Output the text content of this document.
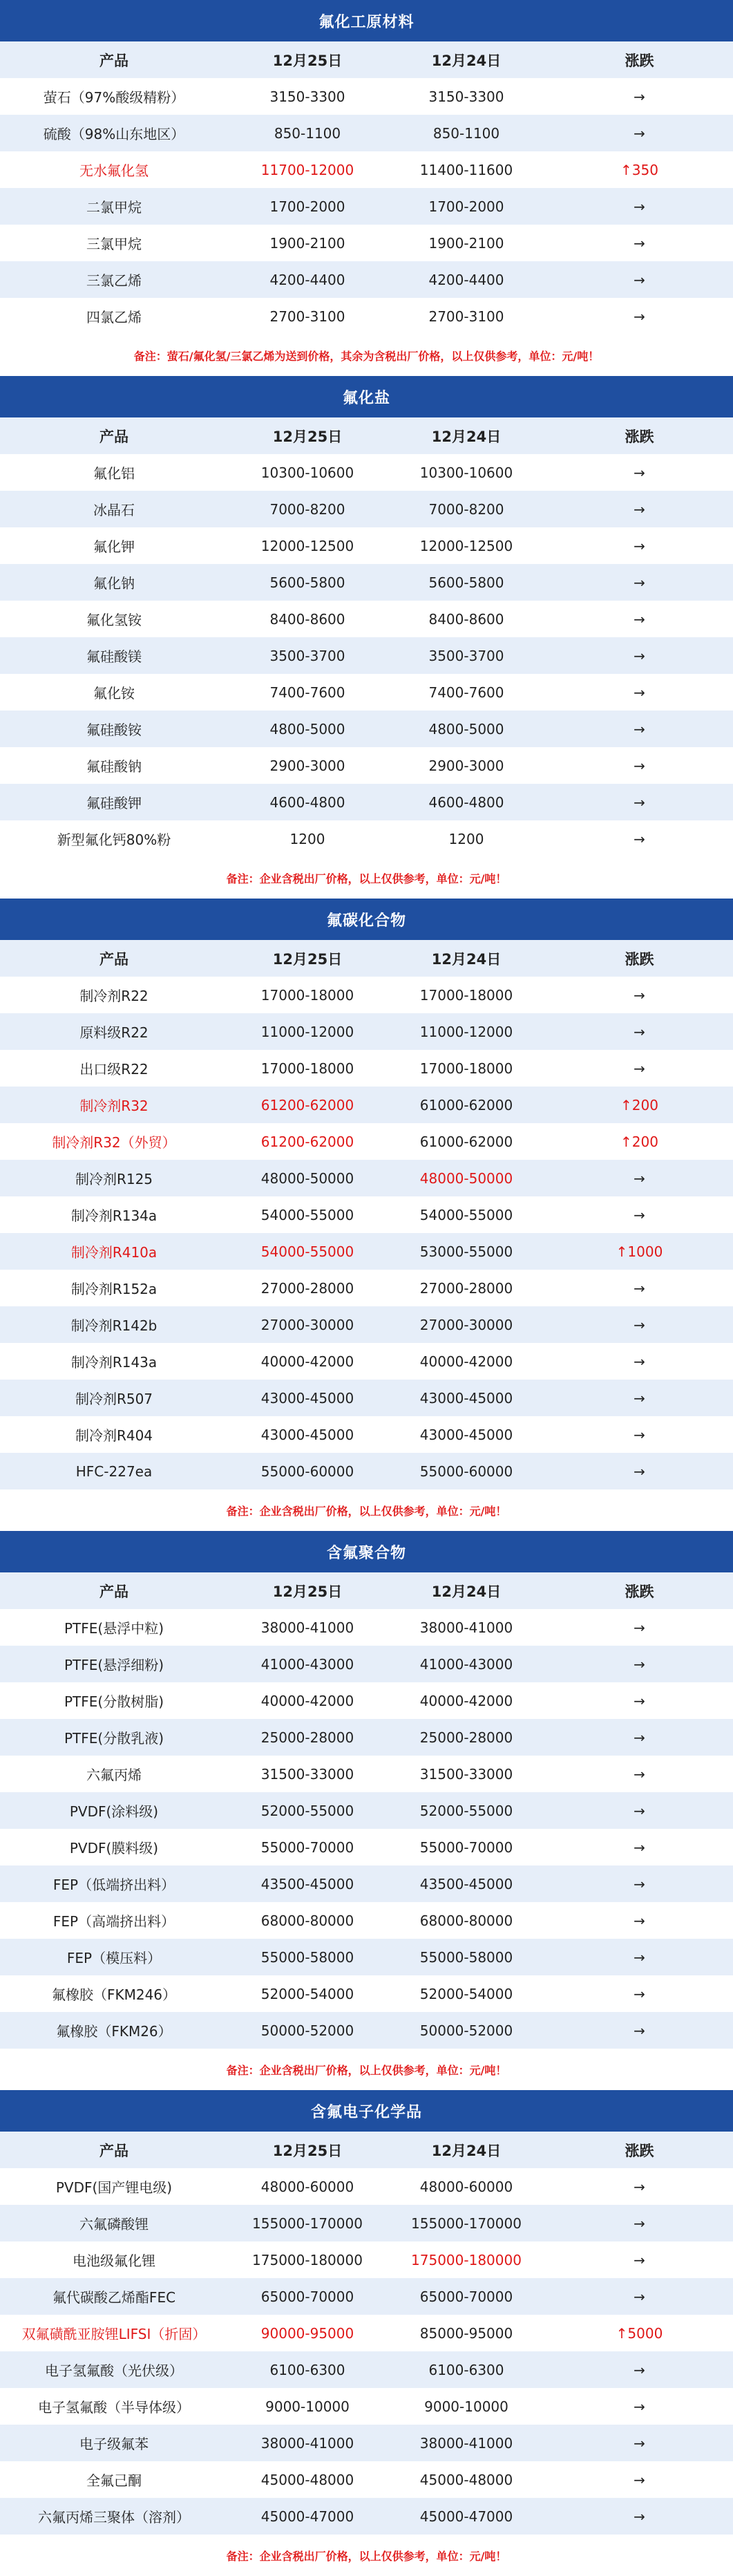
氟化工原材料
产品	12月25日	12月24日	涨跌
萤石（97%酸级精粉）	3150-3300	3150-3300	→
硫酸（98%山东地区）	850-1100	850-1100	→
无水氟化氢	11700-12000	11400-11600	↑350
二氯甲烷	1700-2000	1700-2000	→
三氯甲烷	1900-2100	1900-2100	→
三氯乙烯	4200-4400	4200-4400	→
四氯乙烯	2700-3100	2700-3100	→
备注：萤石/氟化氢/三氯乙烯为送到价格，其余为含税出厂价格，以上仅供参考，单位：元/吨！
氟化盐
产品	12月25日	12月24日	涨跌
氟化铝	10300-10600	10300-10600	→
冰晶石	7000-8200	7000-8200	→
氟化钾	12000-12500	12000-12500	→
氟化钠	5600-5800	5600-5800	→
氟化氢铵	8400-8600	8400-8600	→
氟硅酸镁	3500-3700	3500-3700	→
氟化铵	7400-7600	7400-7600	→
氟硅酸铵	4800-5000	4800-5000	→
氟硅酸钠	2900-3000	2900-3000	→
氟硅酸钾	4600-4800	4600-4800	→
新型氟化钙80%粉	1200	1200	→
备注：企业含税出厂价格，以上仅供参考，单位：元/吨！
氟碳化合物
产品	12月25日	12月24日	涨跌
制冷剂R22	17000-18000	17000-18000	→
原料级R22	11000-12000	11000-12000	→
出口级R22	17000-18000	17000-18000	→
制冷剂R32	61200-62000	61000-62000	↑200
制冷剂R32（外贸）	61200-62000	61000-62000	↑200
制冷剂R125	48000-50000	48000-50000	→
制冷剂R134a	54000-55000	54000-55000	→
制冷剂R410a	54000-55000	53000-55000	↑1000
制冷剂R152a	27000-28000	27000-28000	→
制冷剂R142b	27000-30000	27000-30000	→
制冷剂R143a	40000-42000	40000-42000	→
制冷剂R507	43000-45000	43000-45000	→
制冷剂R404	43000-45000	43000-45000	→
HFC-227ea	55000-60000	55000-60000	→
备注：企业含税出厂价格，以上仅供参考，单位：元/吨！
含氟聚合物
产品	12月25日	12月24日	涨跌
PTFE(悬浮中粒)	38000-41000	38000-41000	→
PTFE(悬浮细粉)	41000-43000	41000-43000	→
PTFE(分散树脂)	40000-42000	40000-42000	→
PTFE(分散乳液)	25000-28000	25000-28000	→
六氟丙烯	31500-33000	31500-33000	→
PVDF(涂料级)	52000-55000	52000-55000	→
PVDF(膜料级)	55000-70000	55000-70000	→
FEP（低端挤出料）	43500-45000	43500-45000	→
FEP（高端挤出料）	68000-80000	68000-80000	→
FEP（模压料）	55000-58000	55000-58000	→
氟橡胶（FKM246）	52000-54000	52000-54000	→
氟橡胶（FKM26）	50000-52000	50000-52000	→
备注：企业含税出厂价格，以上仅供参考，单位：元/吨！
含氟电子化学品
产品	12月25日	12月24日	涨跌
PVDF(国产锂电级)	48000-60000	48000-60000	→
六氟磷酸锂	155000-170000	155000-170000	→
电池级氟化锂	175000-180000	175000-180000	→
氟代碳酸乙烯酯FEC	65000-70000	65000-70000	→
双氟磺酰亚胺锂LIFSI（折固）	90000-95000	85000-95000	↑5000
电子氢氟酸（光伏级）	6100-6300	6100-6300	→
电子氢氟酸（半导体级）	9000-10000	9000-10000	→
电子级氟苯	38000-41000	38000-41000	→
全氟己酮	45000-48000	45000-48000	→
六氟丙烯三聚体（溶剂）	45000-47000	45000-47000	→
备注：企业含税出厂价格，以上仅供参考，单位：元/吨！
